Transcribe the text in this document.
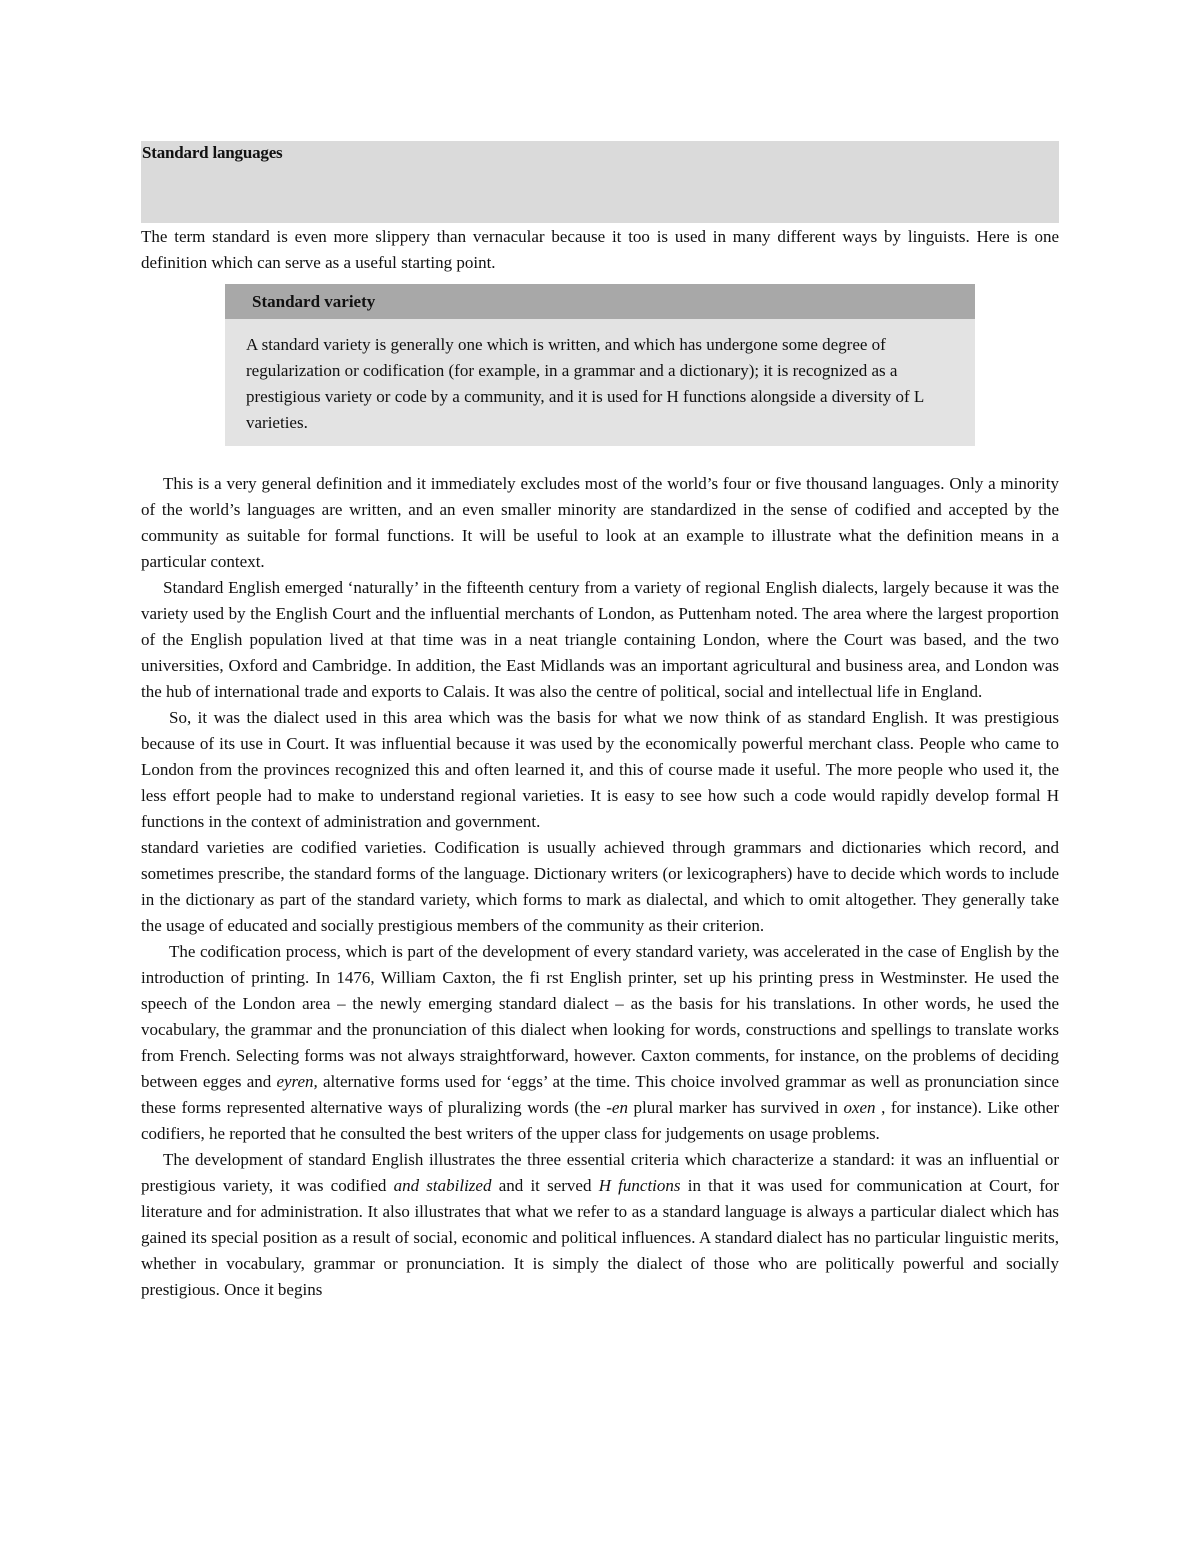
Standard languages
The term standard is even more slippery than vernacular because it too is used in many different ways by linguists. Here is one definition which can serve as a useful starting point.
Standard variety
A standard variety is generally one which is written, and which has undergone some degree of regularization or codification (for example, in a grammar and a dictionary); it is recognized as a prestigious variety or code by a community, and it is used for H functions alongside a diversity of L varieties.

This is a very general definition and it immediately excludes most of the world’s four or five thousand languages. Only a minority of the world’s languages are written, and an even smaller minority are standardized in the sense of codified and accepted by the community as suitable for formal functions. It will be useful to look at an example to illustrate what the definition means in a particular context.

Standard English emerged ‘naturally’ in the fifteenth century from a variety of regional English dialects, largely because it was the variety used by the English Court and the influential merchants of London, as Puttenham noted. The area where the largest proportion of the English population lived at that time was in a neat triangle containing London, where the Court was based, and the two universities, Oxford and Cambridge. In addition, the East Midlands was an important agricultural and business area, and London was the hub of international trade and exports to Calais. It was also the centre of political, social and intellectual life in England.

So, it was the dialect used in this area which was the basis for what we now think of as standard English. It was prestigious because of its use in Court. It was influential because it was used by the economically powerful merchant class. People who came to London from the provinces recognized this and often learned it, and this of course made it useful. The more people who used it, the less effort people had to make to understand regional varieties. It is easy to see how such a code would rapidly develop formal H functions in the context of administration and government.

standard varieties are codified varieties. Codification is usually achieved through grammars and dictionaries which record, and sometimes prescribe, the standard forms of the language. Dictionary writers (or lexicographers) have to decide which words to include in the dictionary as part of the standard variety, which forms to mark as dialectal, and which to omit altogether. They generally take the usage of educated and socially prestigious members of the community as their criterion.

The codification process, which is part of the development of every standard variety, was accelerated in the case of English by the introduction of printing. In 1476, William Caxton, the fi rst English printer, set up his printing press in Westminster. He used the speech of the London area – the newly emerging standard dialect – as the basis for his translations. In other words, he used the vocabulary, the grammar and the pronunciation of this dialect when looking for words, constructions and spellings to translate works from French. Selecting forms was not always straightforward, however. Caxton comments, for instance, on the problems of deciding between egges and eyren, alternative forms used for ‘eggs’ at the time. This choice involved grammar as well as pronunciation since these forms represented alternative ways of pluralizing words (the -en plural marker has survived in oxen , for instance). Like other codifiers, he reported that he consulted the best writers of the upper class for judgements on usage problems.

The development of standard English illustrates the three essential criteria which characterize a standard: it was an influential or prestigious variety, it was codified and stabilized and it served H functions in that it was used for communication at Court, for literature and for administration. It also illustrates that what we refer to as a standard language is always a particular dialect which has gained its special position as a result of social, economic and political influences. A standard dialect has no particular linguistic merits, whether in vocabulary, grammar or pronunciation. It is simply the dialect of those who are politically powerful and socially prestigious. Once it begins
